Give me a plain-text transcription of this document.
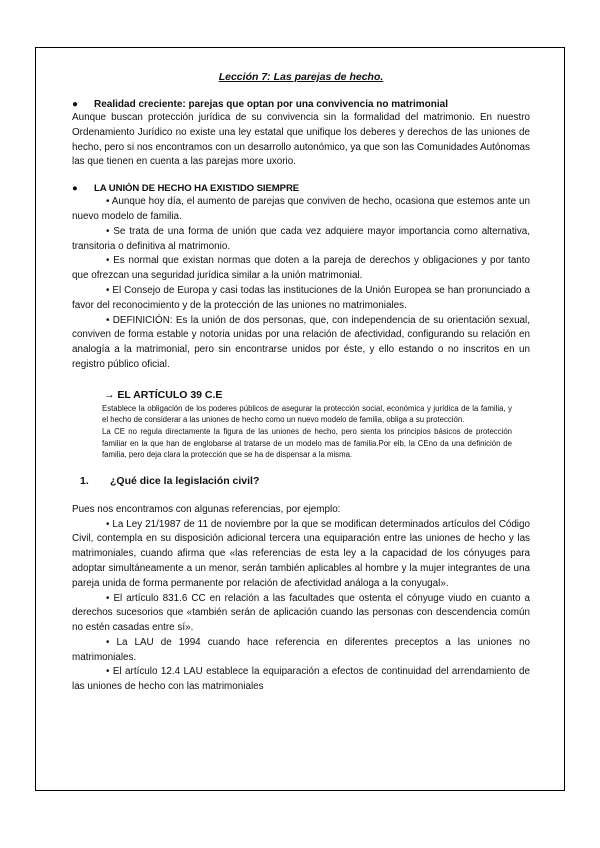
Lección 7: Las parejas de hecho.
● Realidad creciente: parejas que optan por una convivencia no matrimonial

Aunque buscan protección jurídica de su convivencia sin la formalidad del matrimonio. En nuestro Ordenamiento Jurídico no existe una ley estatal que unifique los deberes y derechos de las uniones de hecho, pero si nos encontramos con un desarrollo autonómico, ya que son las Comunidades Autónomas las que tienen en cuenta a las parejas more uxorio.

● LA UNIÓN DE HECHO HA EXISTIDO SIEMPRE

• Aunque hoy día, el aumento de parejas que conviven de hecho, ocasiona que estemos ante un nuevo modelo de familia.

• Se trata de una forma de unión que cada vez adquiere mayor importancia como alternativa, transitoria o definitiva al matrimonio.

• Es normal que existan normas que doten a la pareja de derechos y obligaciones y por tanto que ofrezcan una seguridad jurídica similar a la unión matrimonial.

• El Consejo de Europa y casi todas las instituciones de la Unión Europea se han pronunciado a favor del reconocimiento y de la protección de las uniones no matrimoniales.

• DEFINICIÓN: Es la unión de dos personas, que, con independencia de su orientación sexual, conviven de forma estable y notoria unidas por una relación de afectividad, configurando su relación en analogía a la matrimonial, pero sin encontrarse unidos por éste, y ello estando o no inscritos en un registro público oficial.

→ EL ARTÍCULO 39 C.E

Establece la obligación de los poderes públicos de asegurar la protección social, económica y jurídica de la familia, y el hecho de considerar a las uniones de hecho como un nuevo modelo de familia, obliga a su protección.

La CE no regula directamente la figura de las uniones de hecho, pero sienta los principios básicos de protección familiar en la que han de englobarse al tratarse de un modelo mas de familia.Por elb, la CEno da una definición de familia, pero deja clara la protección que se ha de dispensar a la misma.

1. ¿Qué dice la legislación civil?

Pues nos encontramos con algunas referencias, por ejemplo:

• La Ley 21/1987 de 11 de noviembre por la que se modifican determinados artículos del Código Civil, contempla en su disposición adicional tercera una equiparación entre las uniones de hecho y las matrimoniales, cuando afirma que «las referencias de esta ley a la capacidad de los cónyuges para adoptar simultáneamente a un menor, serán también aplicables al hombre y la mujer integrantes de una pareja unida de forma permanente por relación de afectividad análoga a la conyugal».

• El artículo 831.6 CC en relación a las facultades que ostenta el cónyuge viudo en cuanto a derechos sucesorios que «también serán de aplicación cuando las personas con descendencia común no estén casadas entre sí».

• La LAU de 1994 cuando hace referencia en diferentes preceptos a las uniones no matrimoniales.

• El artículo 12.4 LAU establece la equiparación a efectos de continuidad del arrendamiento de las uniones de hecho con las matrimoniales
